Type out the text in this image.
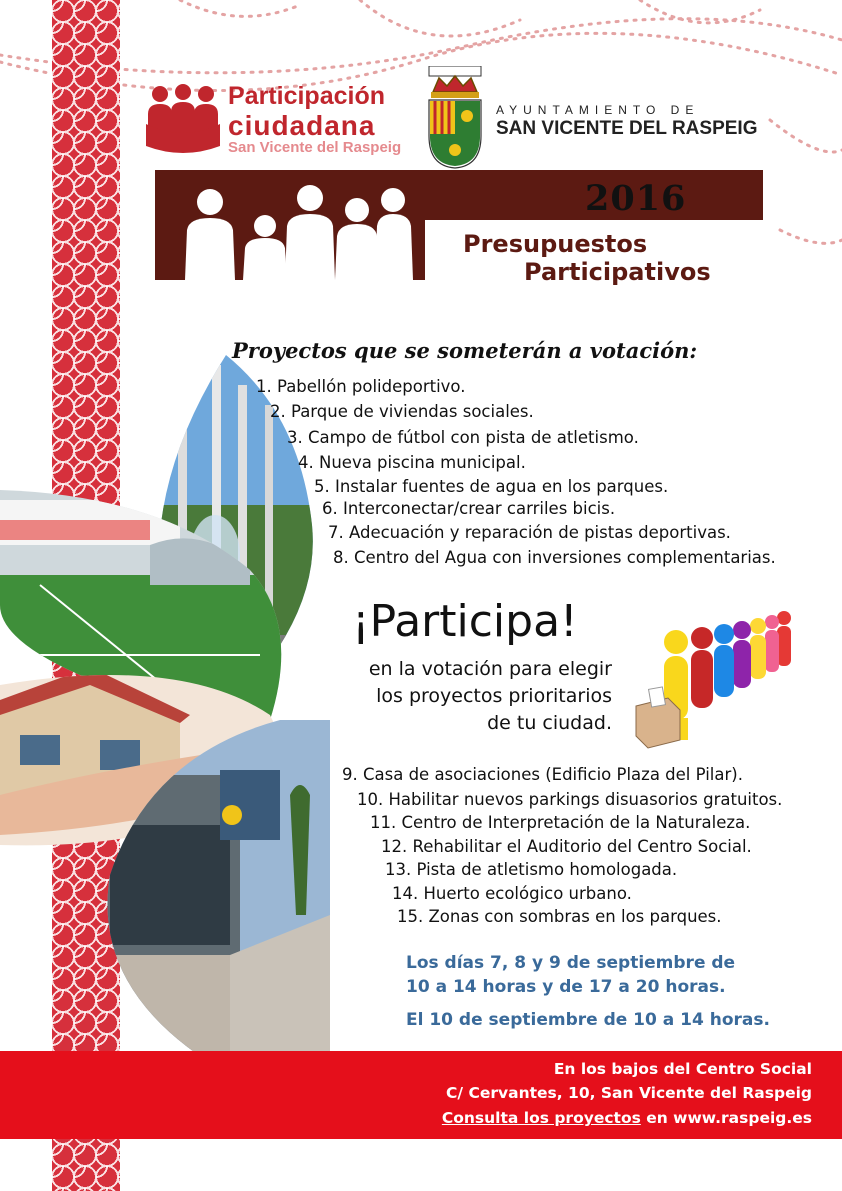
Participación
ciudadana
San Vicente del Raspeig
AYUNTAMIENTO DE
SAN VICENTE DEL RASPEIG
2016
Presupuestos
Participativos
Proyectos que se someterán a votación:
1. Pabellón polideportivo.
2. Parque de viviendas sociales.
3. Campo de fútbol con pista de atletismo.
4. Nueva piscina municipal.
5. Instalar fuentes de agua en los parques.
6. Interconectar/crear carriles bicis.
7. Adecuación y reparación de pistas deportivas.
8. Centro del Agua con inversiones complementarias.
¡Participa!
en la votación para elegir
los proyectos prioritarios
de tu ciudad.
9. Casa de asociaciones (Edificio Plaza del Pilar).
10. Habilitar nuevos parkings disuasorios gratuitos.
11. Centro de Interpretación de la Naturaleza.
12. Rehabilitar el Auditorio del Centro Social.
13. Pista de atletismo homologada.
14. Huerto ecológico urbano.
15. Zonas con sombras en los parques.
Los días 7, 8 y 9 de septiembre de
10 a 14 horas y de 17 a 20 horas.
El 10 de septiembre de 10 a 14 horas.
En los bajos del Centro Social
C/ Cervantes, 10, San Vicente del Raspeig
Consulta los proyectos en www.raspeig.es
